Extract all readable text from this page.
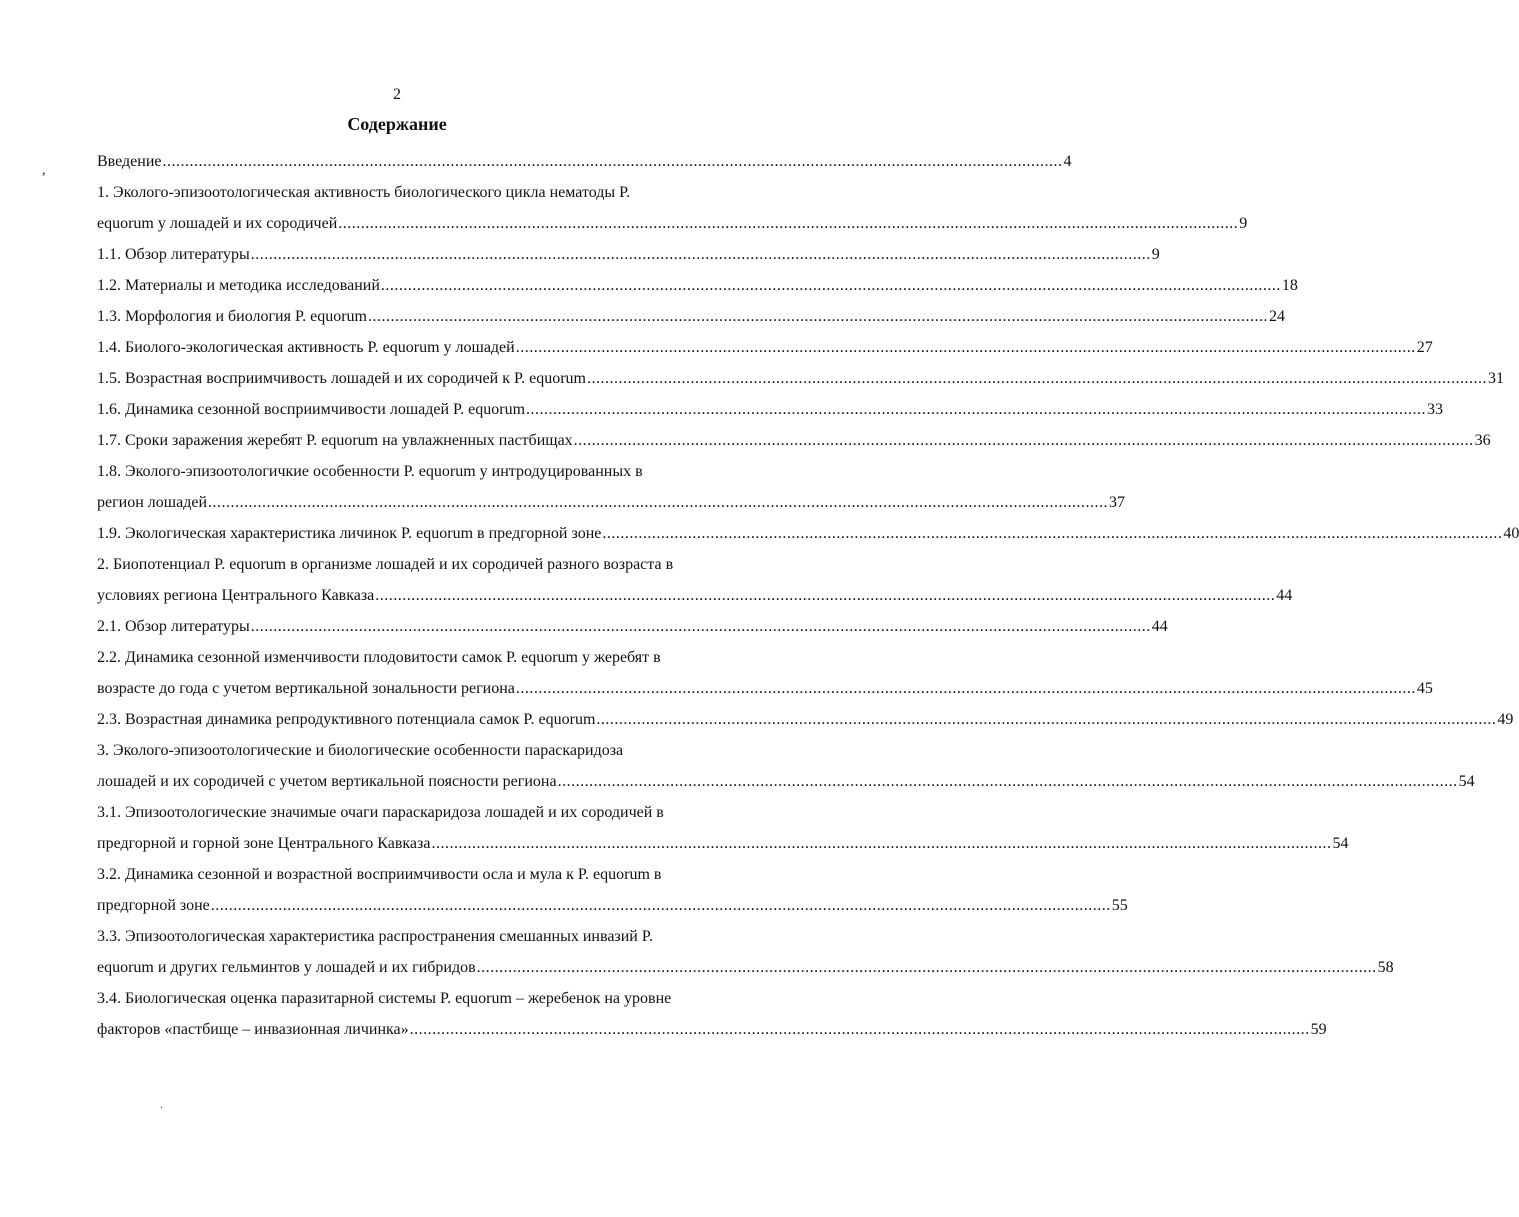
2
Содержание
,
.
Введение .....	4
1. Эколого-эпизоотологическая активность биологического цикла нематоды P.
equorum у лошадей и их сородичей .....	9
1.1. Обзор литературы .....	9
1.2. Материалы и методика исследований .....	18
1.3. Морфология и биология P. equorum .....	24
1.4. Биолого-экологическая активность P. equorum у лошадей .....	27
1.5. Возрастная восприимчивость лошадей и их сородичей к P. equorum .....	31
1.6. Динамика сезонной восприимчивости лошадей P. equorum .....	33
1.7. Сроки заражения жеребят P. equorum на увлажненных пастбищах .....	36
1.8. Эколого-эпизоотологичкие особенности P. equorum у интродуцированных в
регион лошадей .....	37
1.9. Экологическая характеристика личинок P. equorum в предгорной зоне .....	40
2. Биопотенциал P. equorum в организме лошадей и их сородичей разного возраста в
условиях региона Центрального Кавказа .....	44
2.1. Обзор литературы .....	44
2.2. Динамика сезонной изменчивости плодовитости самок P. equorum у жеребят в
возрасте до года с учетом вертикальной зональности региона .....	45
2.3. Возрастная динамика репродуктивного потенциала самок P. equorum .....	49
3. Эколого-эпизоотологические и биологические особенности параскаридоза
лошадей и их сородичей с учетом вертикальной поясности региона .....	54
3.1. Эпизоотологические значимые очаги параскаридоза лошадей и их сородичей в
предгорной и горной зоне Центрального Кавказа .....	54
3.2. Динамика сезонной и возрастной восприимчивости осла и мула к P. equorum в
предгорной зоне .....	55
3.3. Эпизоотологическая характеристика распространения смешанных инвазий P.
equorum и других гельминтов у лошадей и их гибридов .....	58
3.4. Биологическая оценка паразитарной системы P. equorum – жеребенок на уровне
факторов «пастбище – инвазионная личинка» .....	59
